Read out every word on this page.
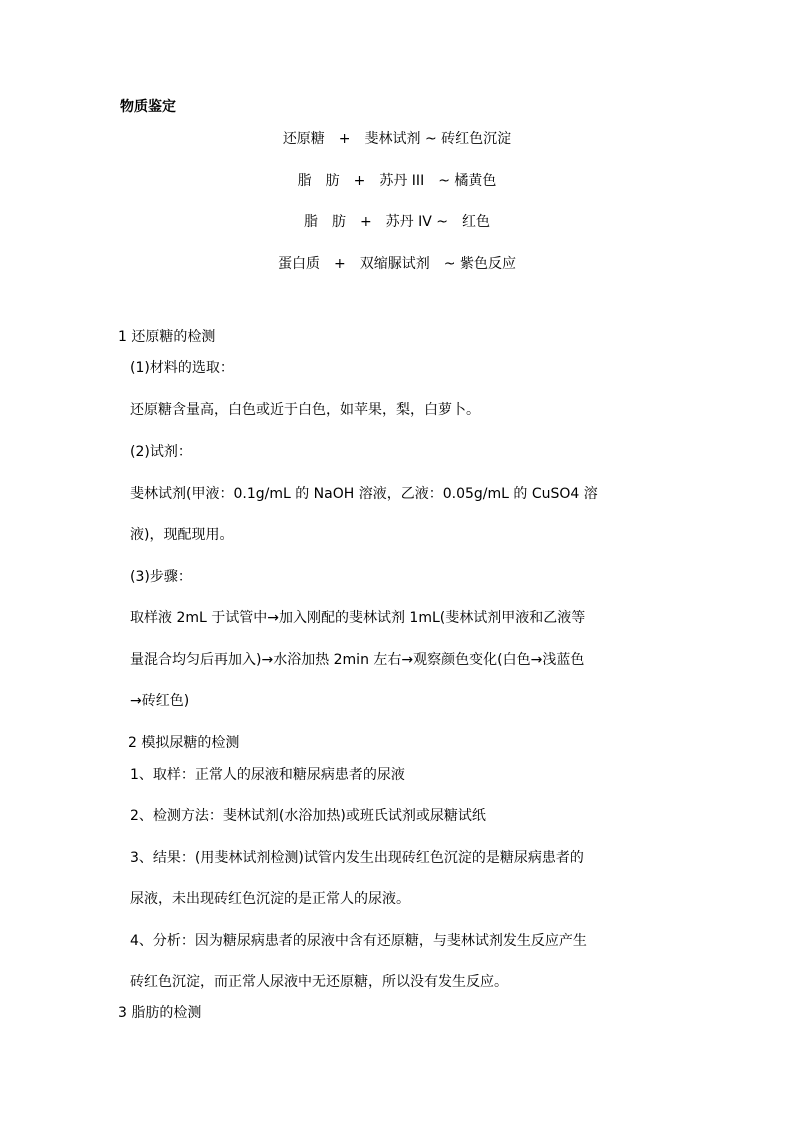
物质鉴定
还原糖　+　斐林试剂 ~ 砖红色沉淀
脂　肪　+　苏丹 III　~ 橘黄色
脂　肪　+　苏丹 IV ~　红色
蛋白质　+　双缩脲试剂　~ 紫色反应
1 还原糖的检测
(1)材料的选取：
还原糖含量高，白色或近于白色，如苹果，梨，白萝卜。
(2)试剂：
斐林试剂(甲液：0.1g/mL 的 NaOH 溶液，乙液：0.05g/mL 的 CuSO4 溶
液)，现配现用。
(3)步骤：
取样液 2mL 于试管中→加入刚配的斐林试剂 1mL(斐林试剂甲液和乙液等
量混合均匀后再加入)→水浴加热 2min 左右→观察颜色变化(白色→浅蓝色
→砖红色)
2 模拟尿糖的检测
1、取样：正常人的尿液和糖尿病患者的尿液
2、检测方法：斐林试剂(水浴加热)或班氏试剂或尿糖试纸
3、结果：(用斐林试剂检测)试管内发生出现砖红色沉淀的是糖尿病患者的
尿液，未出现砖红色沉淀的是正常人的尿液。
4、分析：因为糖尿病患者的尿液中含有还原糖，与斐林试剂发生反应产生
砖红色沉淀，而正常人尿液中无还原糖，所以没有发生反应。
3 脂肪的检测
